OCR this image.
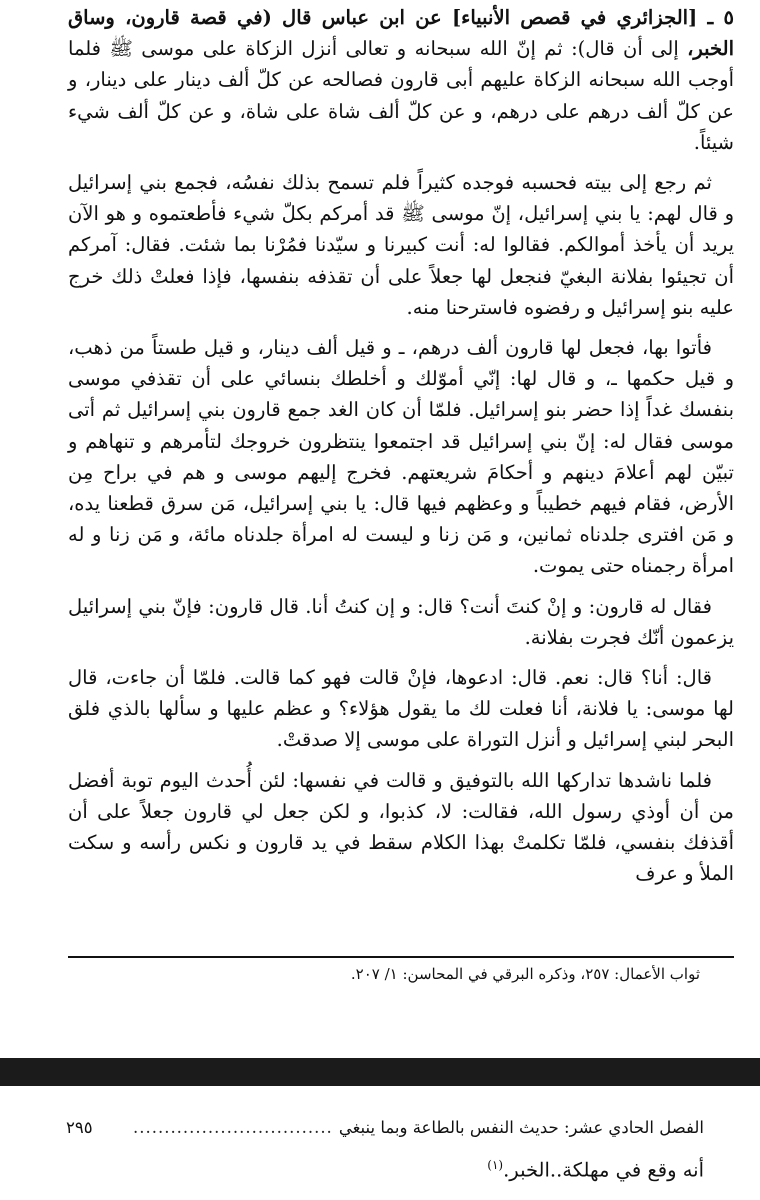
٥ ـ [الجزائري في قصص الأنبياء] عن ابن عباس قال (في قصة قارون، وساق الخبر، إلى أن قال): ثم إنّ الله سبحانه و تعالى أنزل الزكاة على موسى ﷺ فلما أوجب الله سبحانه الزكاة عليهم أبى قارون فصالحه عن كلّ ألف دينار على دينار، و عن كلّ ألف درهم على درهم، و عن كلّ ألف شاة على شاة، و عن كلّ ألف شيء شيئاً.

ثم رجع إلى بيته فحسبه فوجده كثيراً فلم تسمح بذلك نفسُه، فجمع بني إسرائيل و قال لهم: يا بني إسرائيل، إنّ موسى ﷺ قد أمركم بكلّ شيء فأطعتموه و هو الآن يريد أن يأخذ أموالكم. فقالوا له: أنت كبيرنا و سيّدنا فمُرْنا بما شئت. فقال: آمركم أن تجيئوا بفلانة البغيّ فنجعل لها جعلاً على أن تقذفه بنفسها، فإذا فعلتْ ذلك خرج عليه بنو إسرائيل و رفضوه فاسترحنا منه.

فأتوا بها، فجعل لها قارون ألف درهم، ـ و قيل ألف دينار، و قيل طستاً من ذهب، و قيل حكمها ـ، و قال لها: إنّي أموّلك و أخلطك بنسائي على أن تقذفي موسى بنفسك غداً إذا حضر بنو إسرائيل. فلمّا أن كان الغد جمع قارون بني إسرائيل ثم أتى موسى فقال له: إنّ بني إسرائيل قد اجتمعوا ينتظرون خروجك لتأمرهم و تنهاهم و تبيّن لهم أعلامَ دينهم و أحكامَ شريعتهم. فخرج إليهم موسى و هم في براح مِن الأرض، فقام فيهم خطيباً و وعظهم فيها قال: يا بني إسرائيل، مَن سرق قطعنا يده، و مَن افترى جلدناه ثمانين، و مَن زنا و ليست له امرأة جلدناه مائة، و مَن زنا و له امرأة رجمناه حتى يموت.

فقال له قارون: و إنْ كنتَ أنت؟ قال: و إن كنتُ أنا. قال قارون: فإنّ بني إسرائيل يزعمون أنّك فجرت بفلانة.

قال: أنا؟ قال: نعم. قال: ادعوها، فإنْ قالت فهو كما قالت. فلمّا أن جاءت، قال لها موسى: يا فلانة، أنا فعلت لك ما يقول هؤلاء؟ و عظم عليها و سألها بالذي فلق البحر لبني إسرائيل و أنزل التوراة على موسى إلا صدقتْ.

فلما ناشدها تداركها الله بالتوفيق و قالت في نفسها: لئن أُحدث اليوم توبة أفضل من أن أوذي رسول الله، فقالت: لا، كذبوا، و لكن جعل لي قارون جعلاً على أن أقذفك بنفسي، فلمّا تكلمتْ بهذا الكلام سقط في يد قارون و نكس رأسه و سكت الملأ و عرف

ثواب الأعمال: ٢٥٧، وذكره البرقي في المحاسن: ١/ ٢٠٧.
الفصل الحادي عشر: حديث النفس بالطاعة وبما ينبغي
................................
٢٩٥
أنه وقع في مهلكة..الخبر.$^{(١)}$
